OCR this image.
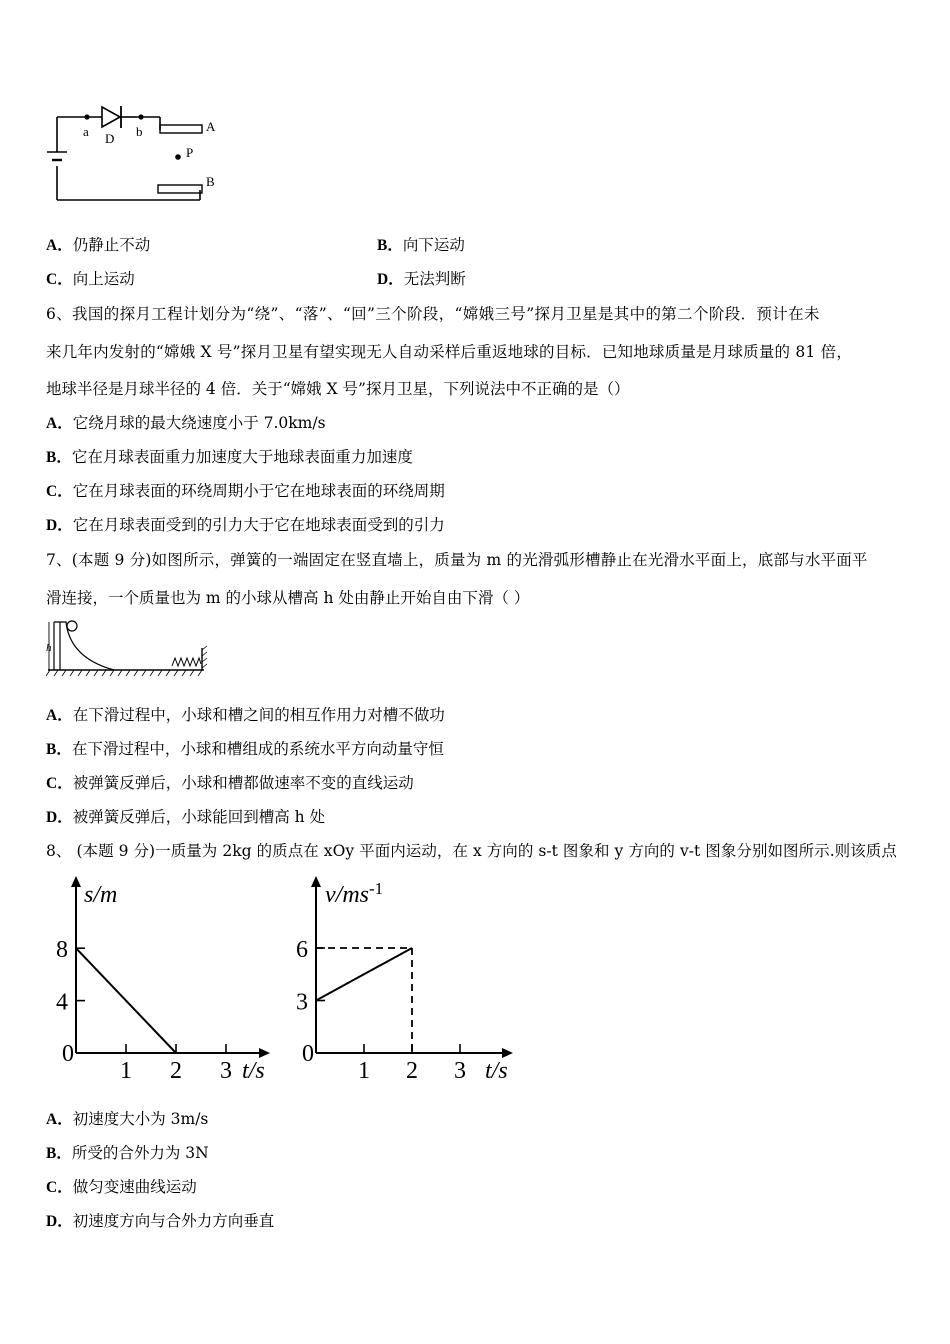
a	b
D
A
P
B
A．仍静止不动	B．向下运动
C．向上运动	D．无法判断
6、我国的探月工程计划分为“绕”、“落”、“回”三个阶段，“嫦娥三号”探月卫星是其中的第二个阶段．预计在未
来几年内发射的“嫦娥 X 号”探月卫星有望实现无人自动采样后重返地球的目标．已知地球质量是月球质量的 81 倍，
地球半径是月球半径的 4 倍．关于“嫦娥 X 号”探月卫星，下列说法中不正确的是（）
A．它绕月球的最大绕速度小于 7.0km/s
B．它在月球表面重力加速度大于地球表面重力加速度
C．它在月球表面的环绕周期小于它在地球表面的环绕周期
D．它在月球表面受到的引力大于它在地球表面受到的引力
7、(本题 9 分)如图所示，弹簧的一端固定在竖直墙上，质量为 m 的光滑弧形槽静止在光滑水平面上，底部与水平面平
滑连接，一个质量也为 m 的小球从槽高 h 处由静止开始自由下滑（ ）
h
A．在下滑过程中，小球和槽之间的相互作用力对槽不做功
B．在下滑过程中，小球和槽组成的系统水平方向动量守恒
C．被弹簧反弹后，小球和槽都做速率不变的直线运动
D．被弹簧反弹后，小球能回到槽高 h 处
8、 (本题 9 分)一质量为 2kg 的质点在 xOy 平面内运动，在 x 方向的 s-t 图象和 y 方向的 v-t 图象分别如图所示.则该质点
0
1 2 3
4
8
t/s
s/m
0
1 2 3
3
6
t/s
$v/ms^{-1}$
A．初速度大小为 3m/s
B．所受的合外力为 3N
C．做匀变速曲线运动
D．初速度方向与合外力方向垂直
